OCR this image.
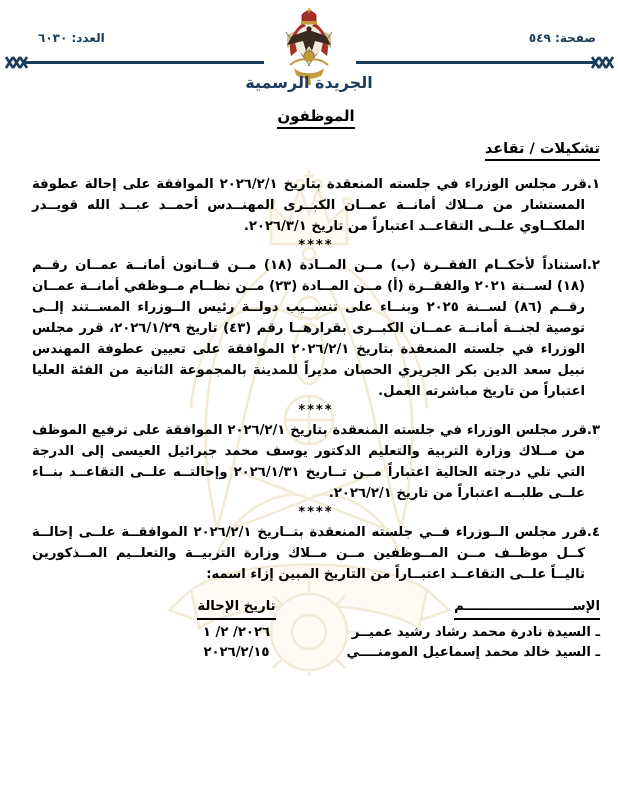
صفحة: ٥٤٩
العدد: ٦٠٣٠
الجريدة الرسمية
الموظفون
تشكيلات / تقاعد

١.قرر مجلس الوزراء في جلسته المنعقدة بتاريخ ٢٠٢٦/٢/١ الموافقة على إحالة عطوفة المستشار من مــلاك أمانــة عمــان الكبــرى المهنــدس أحمــد عبــد الله قويــدر الملكــاوي علــى التقاعــد اعتباراً من تاريخ ٢٠٢٦/٣/١.

****

٢.استناداً لأحكــام الفقــرة (ب) مــن المــادة (١٨) مــن قــانون أمانــة عمــان رقــم (١٨) لســنة ٢٠٢١ والفقــرة (أ) مــن المــادة (٢٣) مــن نظــام مــوظفي أمانــة عمــان رقــم (٨٦) لســنة ٢٠٢٥ وبنــاء على تنســيب دولــة رئيس الــوزراء المســتند إلــى توصية لجنــة أمانــة عمــان الكبــرى بقرارهــا رقم (٤٣) تاريخ ٢٠٢٦/١/٢٩، قرر مجلس الوزراء في جلسته المنعقدة بتاريخ ٢٠٢٦/٢/١ الموافقة على تعيين عطوفة المهندس نبيل سعد الدين بكر الجريري الحصان مديراً للمدينة بالمجموعة الثانية من الفئة العليا اعتباراً من تاريخ مباشرته العمل.

****

٣.قرر مجلس الوزراء في جلسته المنعقدة بتاريخ ٢٠٢٦/٢/١ الموافقة على ترفيع الموظف من مــلاك وزارة التربية والتعليم الدكتور يوسف محمد جبرائيل العيسى إلى الدرجة التي تلي درجته الحالية اعتباراً مــن تــاريخ ٢٠٢٦/١/٣١ وإحالتــه علــى التقاعــد بنــاء علــى طلبــه اعتباراً من تاريخ ٢٠٢٦/٢/١.

****

٤.قرر مجلس الــوزراء فــي جلسته المنعقدة بتــاريخ ٢٠٢٦/٢/١ الموافقــة علــى إحالــة كــل موظــف مــن المــوظفين مــن مــلاك وزارة التربيــة والتعلــيم المــذكورين تاليــاً علــى التقاعــد اعتبــاراً من التاريخ المبين إزاء اسمه:

الإســــــــــــــــــــــــم
تاريخ الإحالة
ـ السيدة نادرة محمد رشاد رشيد عميــر
٢٠٢٦/ ٢/ ١
ـ السيد خالد محمد إسماعيل المومنــــي
٢٠٢٦/٢/١٥
